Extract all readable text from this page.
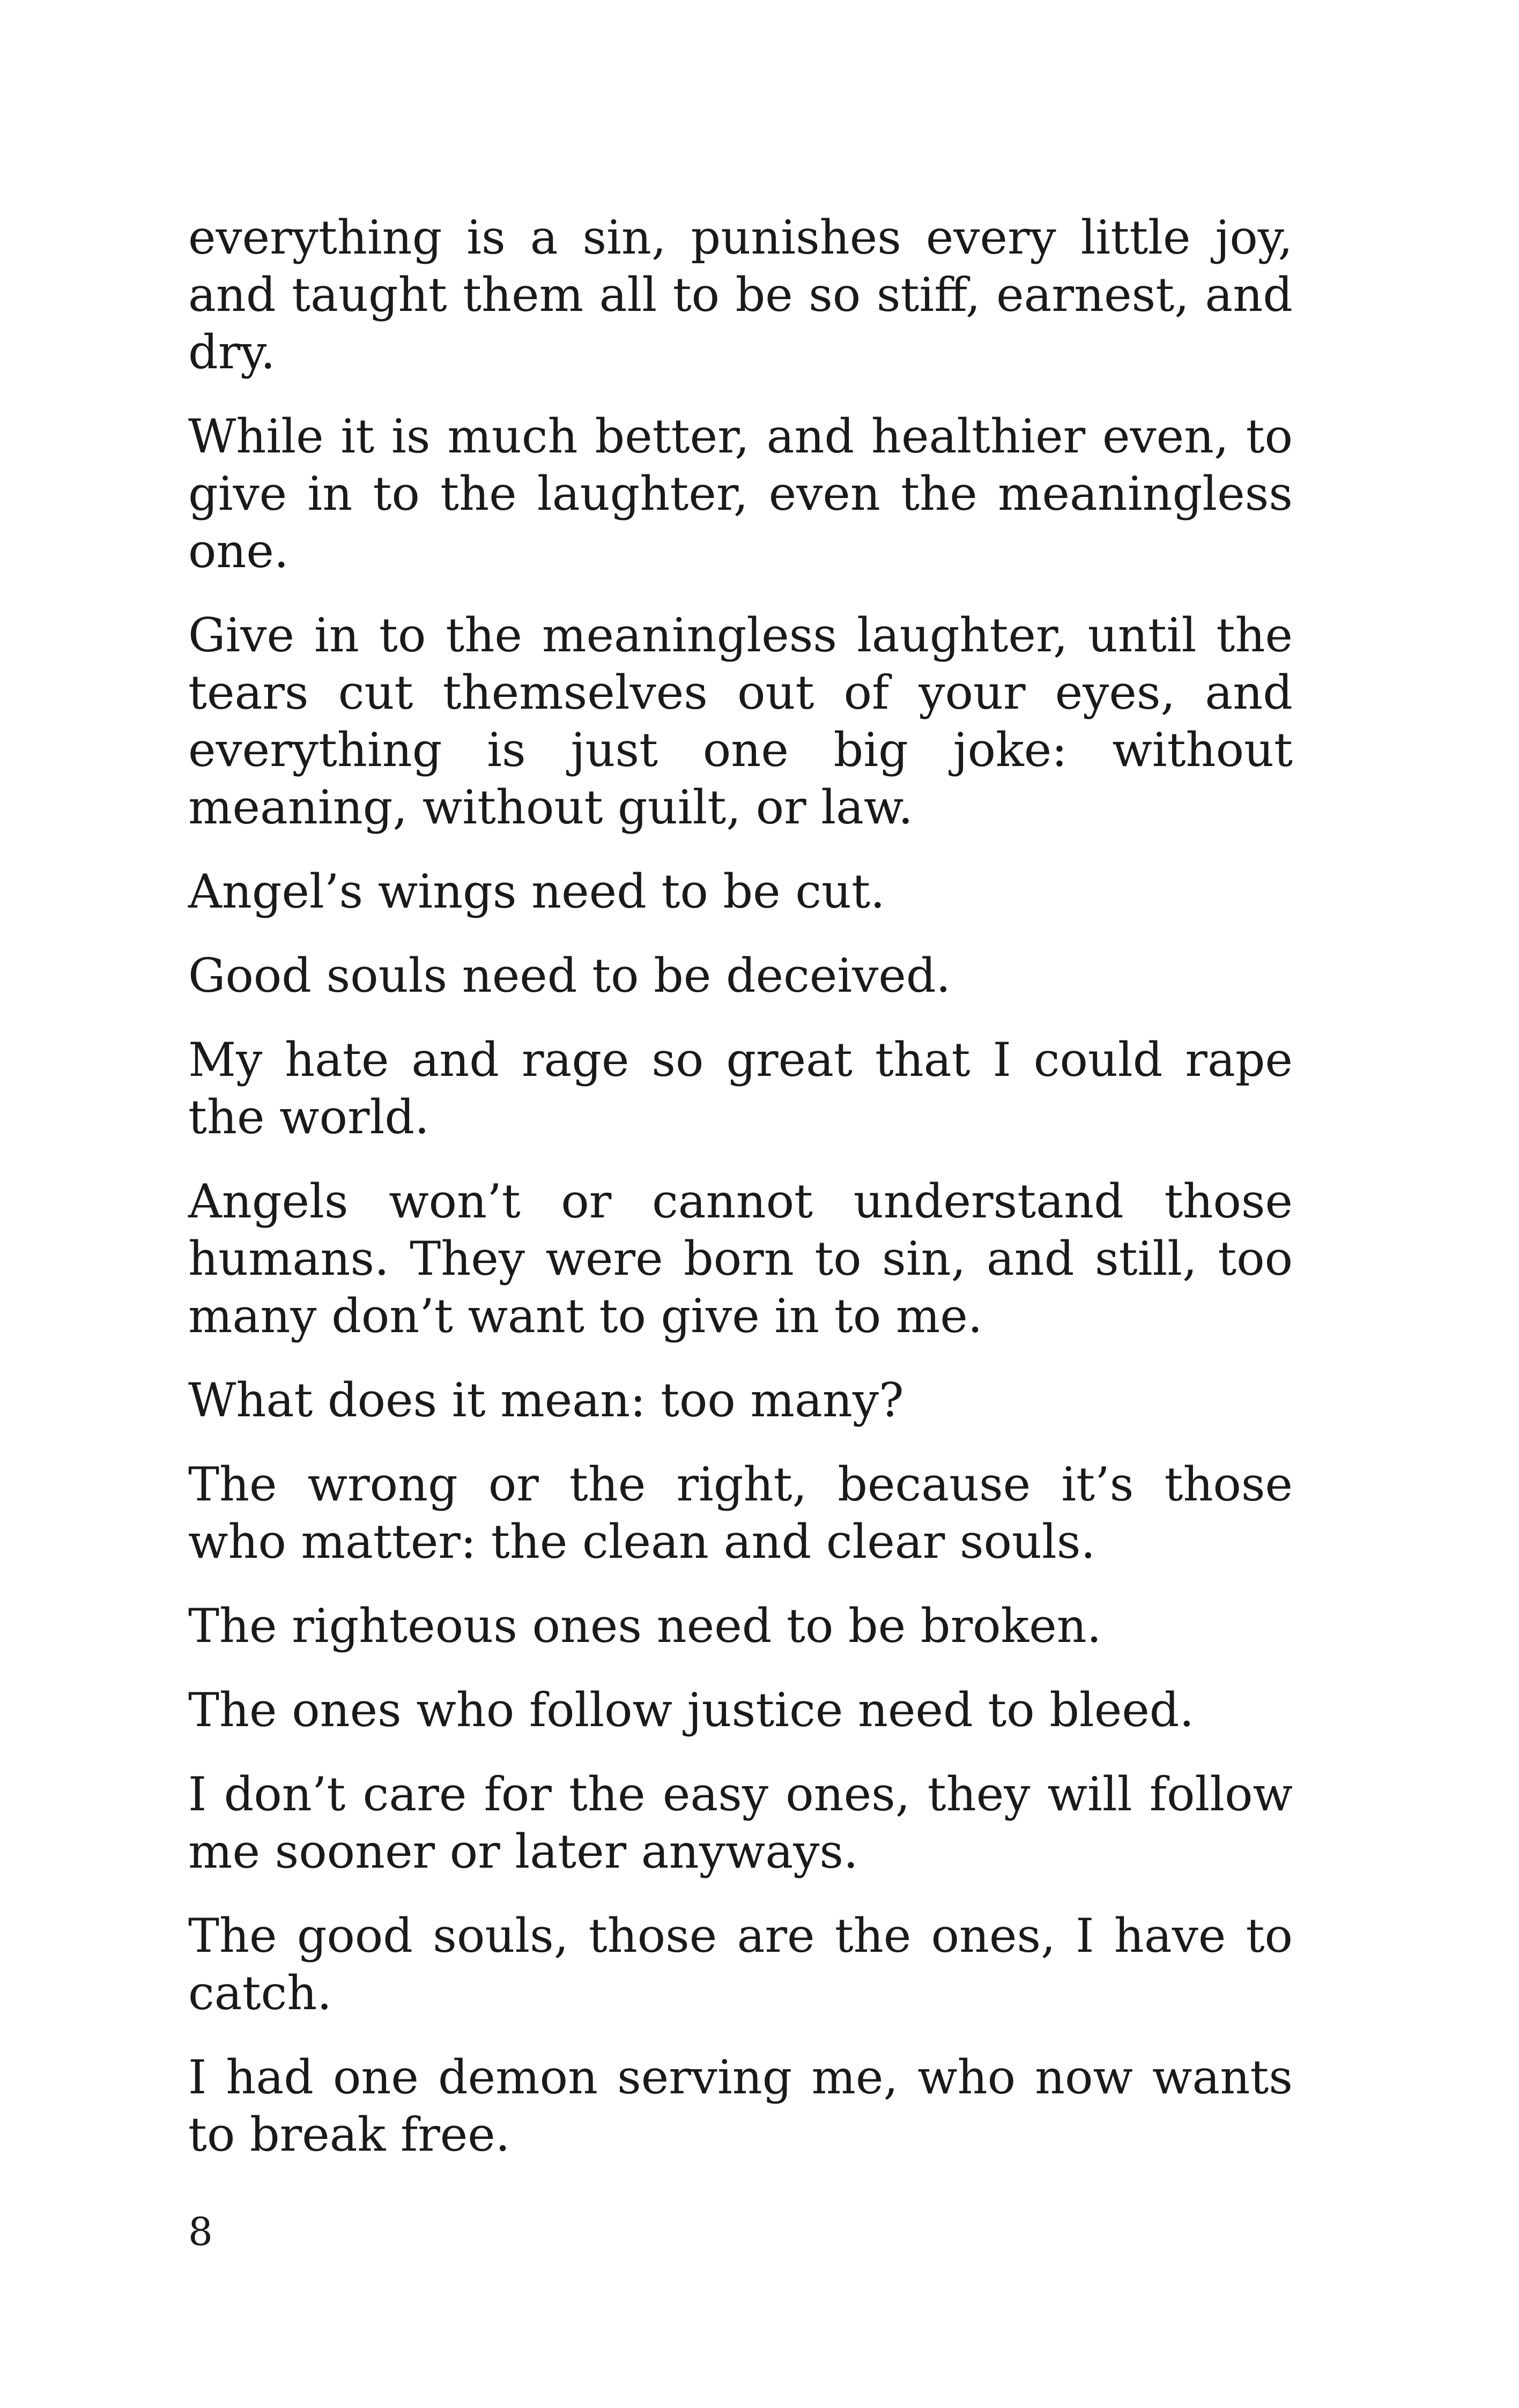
everything is a sin, punishes every little joy, and taught them all to be so stiff, earnest, and dry.

While it is much better, and healthier even, to give in to the laughter, even the meaningless one.

Give in to the meaningless laughter, until the tears cut themselves out of your eyes, and everything is just one big joke: without meaning, without guilt, or law.

Angel’s wings need to be cut.

Good souls need to be deceived.

My hate and rage so great that I could rape the world.

Angels won’t or cannot understand those humans. They were born to sin, and still, too many don’t want to give in to me.

What does it mean: too many?

The wrong or the right, because it’s those who matter: the clean and clear souls.

The righteous ones need to be broken.

The ones who follow justice need to bleed.

I don’t care for the easy ones, they will follow me sooner or later anyways.

The good souls, those are the ones, I have to catch.

I had one demon serving me, who now wants to break free.

8
